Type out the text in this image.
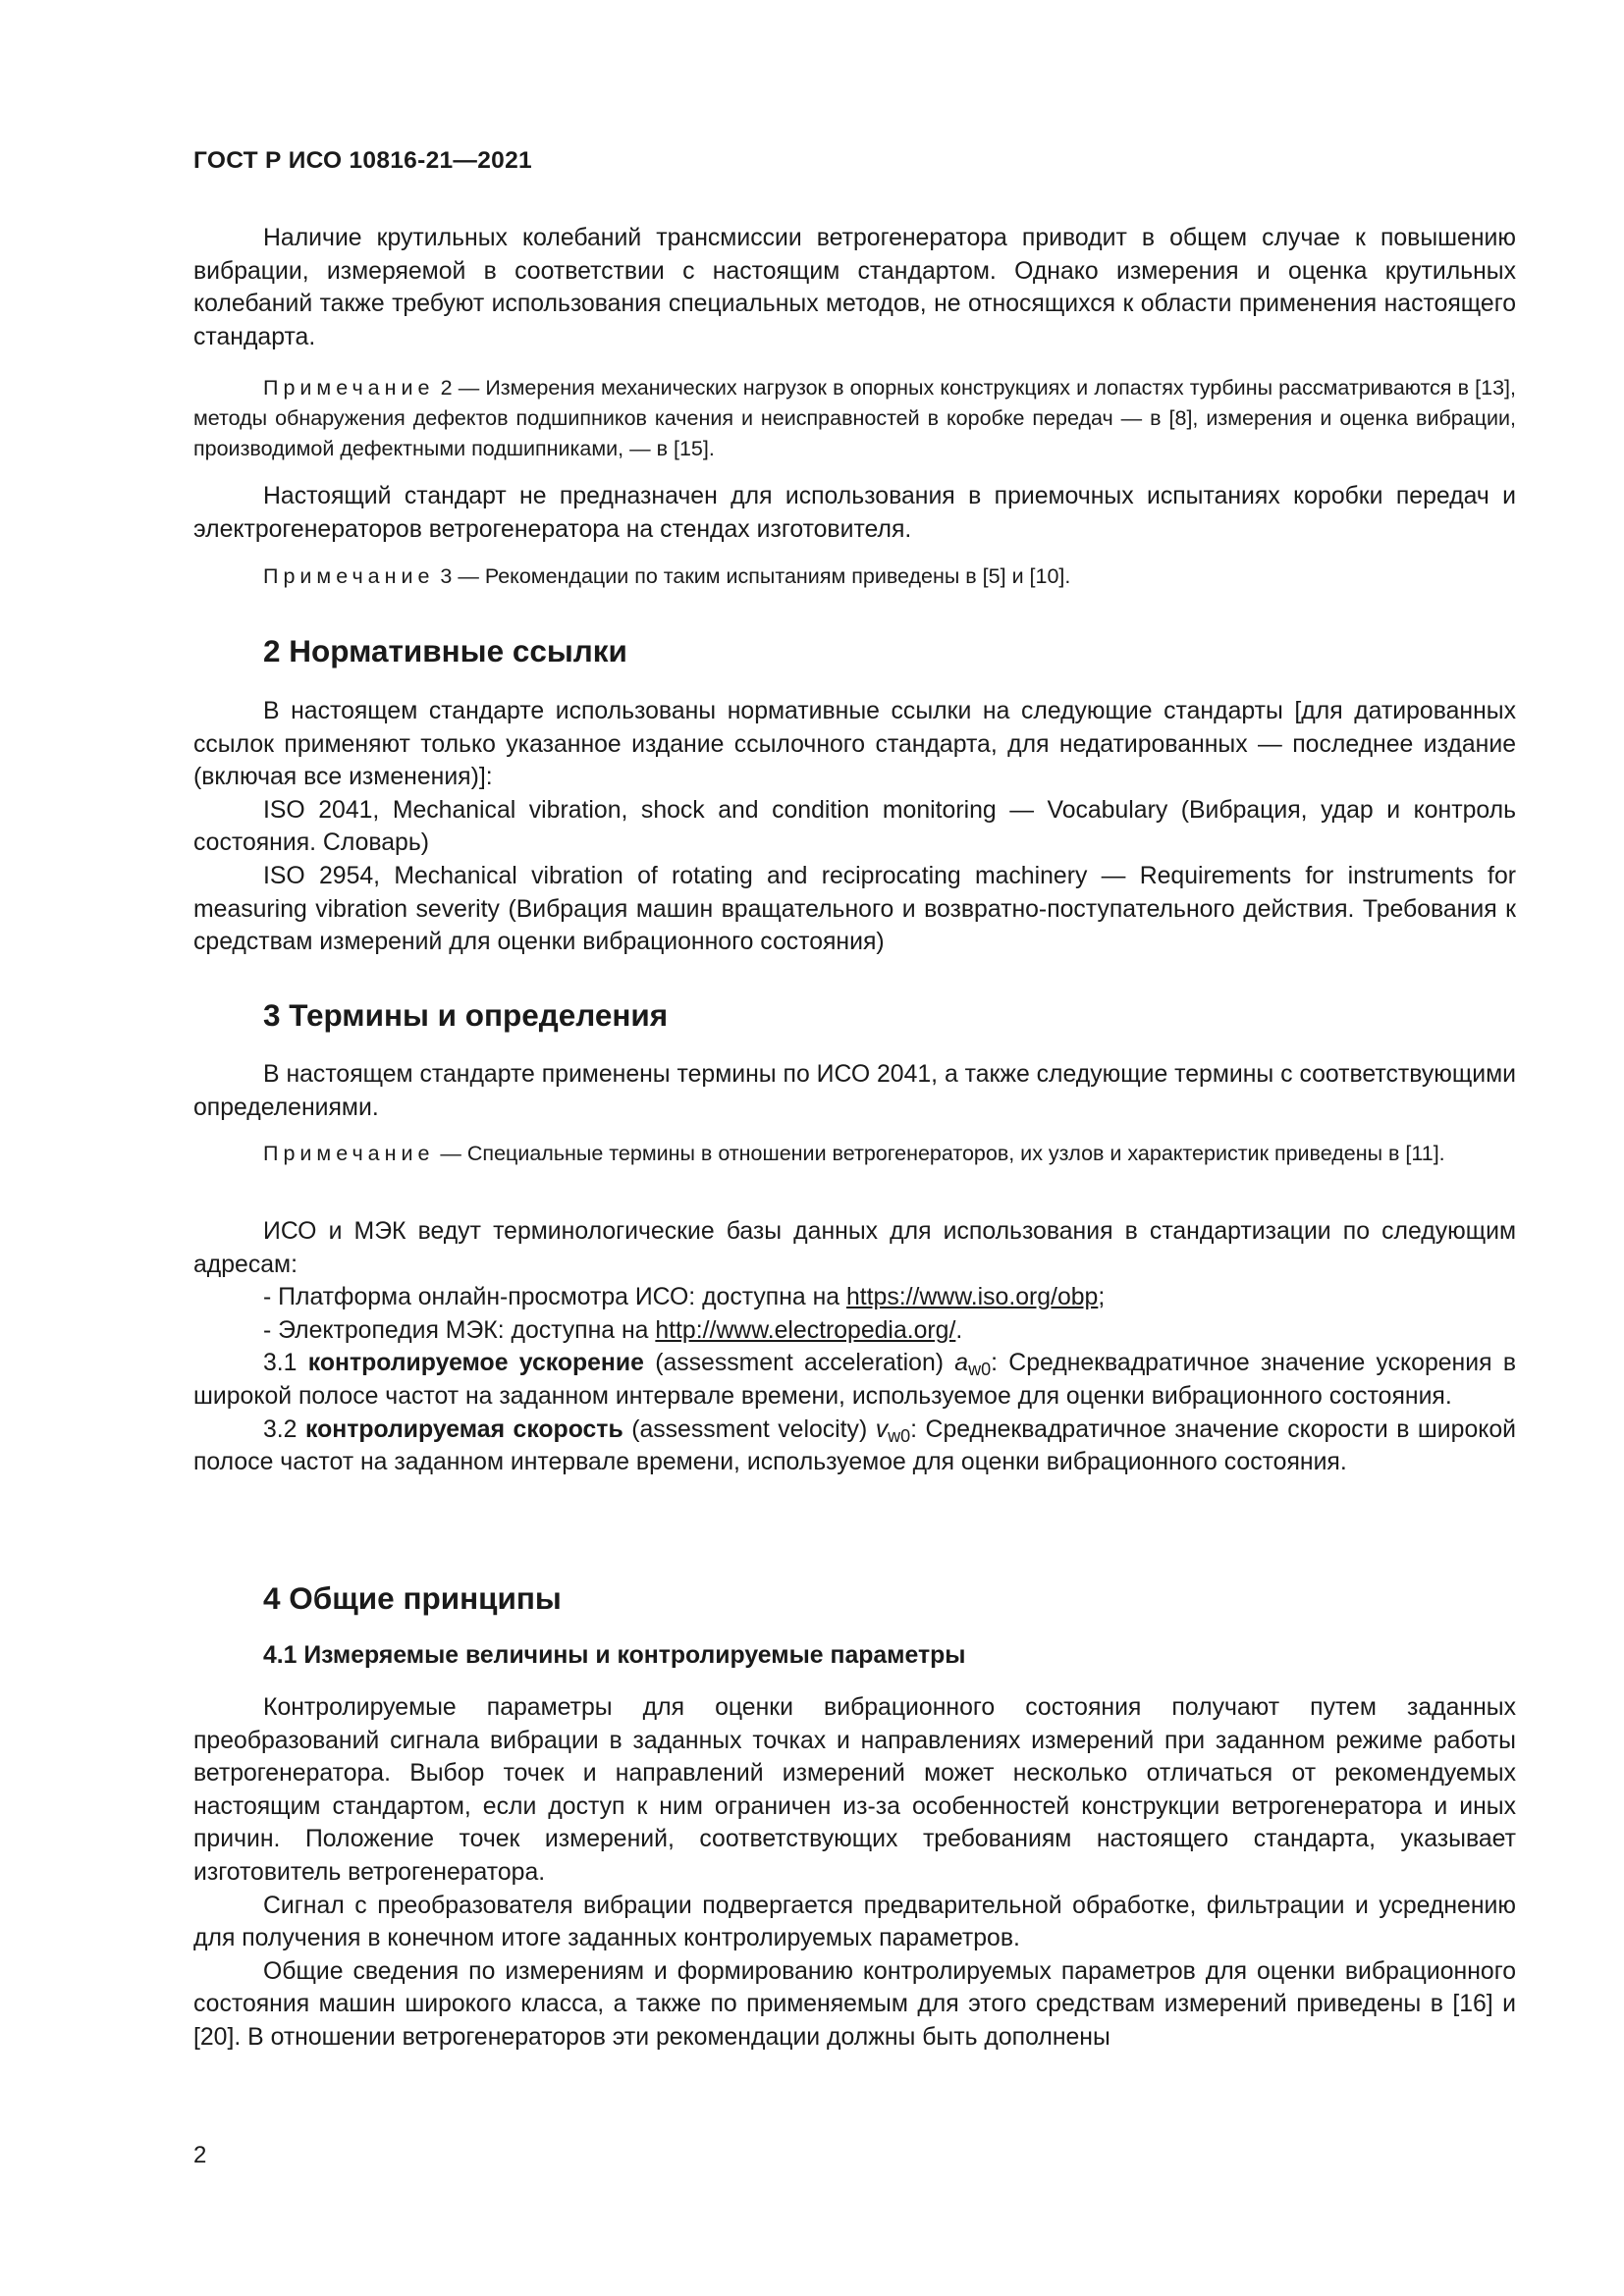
ГОСТ Р ИСО 10816-21—2021

Наличие крутильных колебаний трансмиссии ветрогенератора приводит в общем случае к повышению вибрации, измеряемой в соответствии с настоящим стандартом. Однако измерения и оценка крутильных колебаний также требуют использования специальных методов, не относящихся к области применения настоящего стандарта.

Примечание 2 — Измерения механических нагрузок в опорных конструкциях и лопастях турбины рассматриваются в [13], методы обнаружения дефектов подшипников качения и неисправностей в коробке передач — в [8], измерения и оценка вибрации, производимой дефектными подшипниками, — в [15].

Настоящий стандарт не предназначен для использования в приемочных испытаниях коробки передач и электрогенераторов ветрогенератора на стендах изготовителя.

Примечание 3 — Рекомендации по таким испытаниям приведены в [5] и [10].

2 Нормативные ссылки

В настоящем стандарте использованы нормативные ссылки на следующие стандарты [для датированных ссылок применяют только указанное издание ссылочного стандарта, для недатированных — последнее издание (включая все изменения)]:

ISO 2041, Mechanical vibration, shock and condition monitoring — Vocabulary (Вибрация, удар и контроль состояния. Словарь)

ISO 2954, Mechanical vibration of rotating and reciprocating machinery — Requirements for instruments for measuring vibration severity (Вибрация машин вращательного и возвратно-поступательного действия. Требования к средствам измерений для оценки вибрационного состояния)

3 Термины и определения

В настоящем стандарте применены термины по ИСО 2041, а также следующие термины с соответствующими определениями.

Примечание — Специальные термины в отношении ветрогенераторов, их узлов и характеристик приведены в [11].

ИСО и МЭК ведут терминологические базы данных для использования в стандартизации по следующим адресам:

- Платформа онлайн-просмотра ИСО: доступна на https://www.iso.org/obp;

- Электропедия МЭК: доступна на http://www.electropedia.org/.

3.1 контролируемое ускорение (assessment acceleration) $a_{w0}$: Среднеквадратичное значение ускорения в широкой полосе частот на заданном интервале времени, используемое для оценки вибрационного состояния.

3.2 контролируемая скорость (assessment velocity) $v_{w0}$: Среднеквадратичное значение скорости в широкой полосе частот на заданном интервале времени, используемое для оценки вибрационного состояния.

4 Общие принципы
4.1 Измеряемые величины и контролируемые параметры

Контролируемые параметры для оценки вибрационного состояния получают путем заданных преобразований сигнала вибрации в заданных точках и направлениях измерений при заданном режиме работы ветрогенератора. Выбор точек и направлений измерений может несколько отличаться от рекомендуемых настоящим стандартом, если доступ к ним ограничен из-за особенностей конструкции ветрогенератора и иных причин. Положение точек измерений, соответствующих требованиям настоящего стандарта, указывает изготовитель ветрогенератора.

Сигнал с преобразователя вибрации подвергается предварительной обработке, фильтрации и усреднению для получения в конечном итоге заданных контролируемых параметров.

Общие сведения по измерениям и формированию контролируемых параметров для оценки вибрационного состояния машин широкого класса, а также по применяемым для этого средствам измерений приведены в [16] и [20]. В отношении ветрогенераторов эти рекомендации должны быть дополнены

2
